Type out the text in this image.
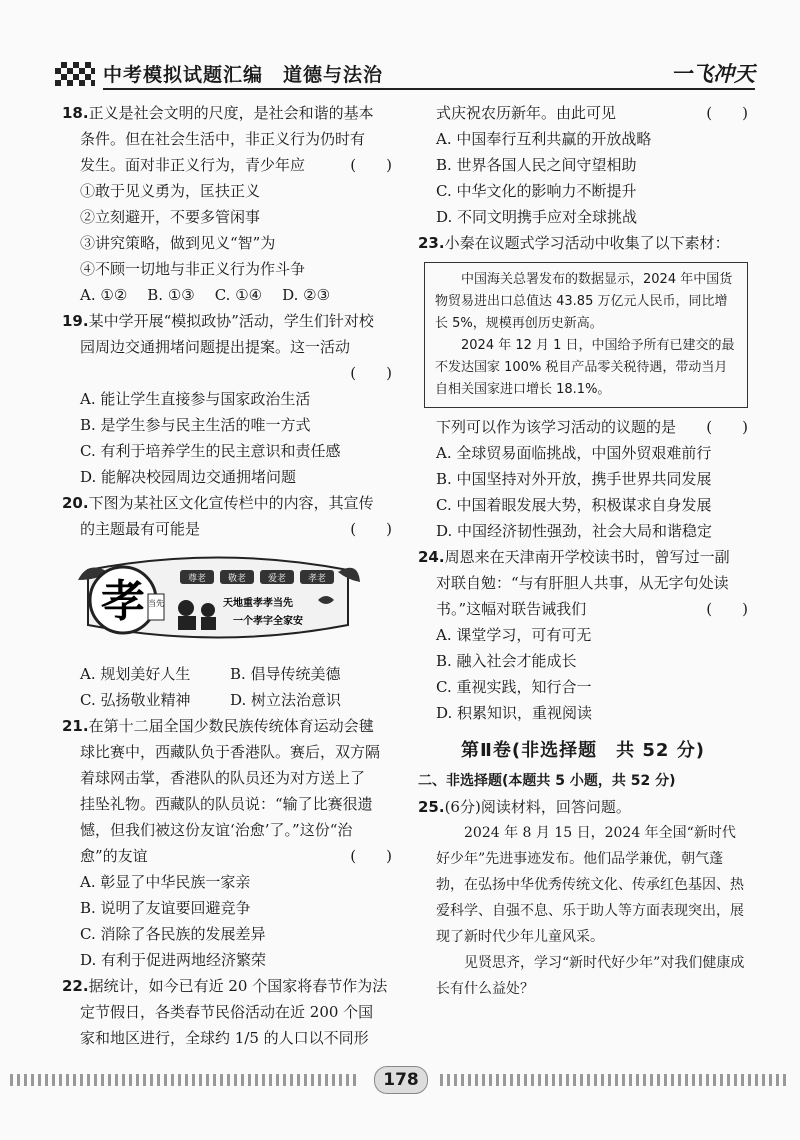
中考模拟试题汇编　道德与法治	一飞冲天
18.正义是社会文明的尺度，是社会和谐的基本
条件。但在社会生活中，非正义行为仍时有
发生。面对非正义行为，青少年应	(　　)
①敢于见义勇为，匡扶正义
②立刻避开，不要多管闲事
③讲究策略，做到见义“智”为
④不顾一切地与非正义行为作斗争
A. ①② B. ①③ C. ①④ D. ②③
19.某中学开展“模拟政协”活动，学生们针对校
园周边交通拥堵问题提出提案。这一活动
(　　)
A. 能让学生直接参与国家政治生活
B. 是学生参与民主生活的唯一方式
C. 有利于培养学生的民主意识和责任感
D. 能解决校园周边交通拥堵问题
20.下图为某社区文化宣传栏中的内容，其宣传
的主题最有可能是	(　　)
孝 当先
尊老 敬老 爱老 孝老
天地重孝孝当先
一个孝字全家安
A. 规划美好人生	B. 倡导传统美德
C. 弘扬敬业精神	D. 树立法治意识
21.在第十二届全国少数民族传统体育运动会毽
球比赛中，西藏队负于香港队。赛后，双方隔
着球网击掌，香港队的队员还为对方送上了
挂坠礼物。西藏队的队员说：“输了比赛很遗
憾，但我们被这份友谊‘治愈’了。”这份“治
愈”的友谊	(　　)
A. 彰显了中华民族一家亲
B. 说明了友谊要回避竞争
C. 消除了各民族的发展差异
D. 有利于促进两地经济繁荣
22.据统计，如今已有近 20 个国家将春节作为法
定节假日，各类春节民俗活动在近 200 个国
家和地区进行，全球约 1/5 的人口以不同形
式庆祝农历新年。由此可见	(　　)
A. 中国奉行互利共赢的开放战略
B. 世界各国人民之间守望相助
C. 中华文化的影响力不断提升
D. 不同文明携手应对全球挑战
23.小秦在议题式学习活动中收集了以下素材：

中国海关总署发布的数据显示，2024 年中国货物贸易进出口总值达 43.85 万亿元人民币，同比增长 5%，规模再创历史新高。

2024 年 12 月 1 日，中国给予所有已建交的最不发达国家 100% 税目产品零关税待遇，带动当月自相关国家进口增长 18.1%。

下列可以作为该学习活动的议题的是 (　　)
A. 全球贸易面临挑战，中国外贸艰难前行
B. 中国坚持对外开放，携手世界共同发展
C. 中国着眼发展大势，积极谋求自身发展
D. 中国经济韧性强劲，社会大局和谐稳定
24.周恩来在天津南开学校读书时，曾写过一副
对联自勉：“与有肝胆人共事，从无字句处读
书。”这幅对联告诫我们	(　　)
A. 课堂学习，可有可无
B. 融入社会才能成长
C. 重视实践，知行合一
D. 积累知识，重视阅读
第Ⅱ卷(非选择题　共 52 分)
二、非选择题(本题共 5 小题，共 52 分)
25.(6分)阅读材料，回答问题。

2024 年 8 月 15 日，2024 年全国“新时代好少年”先进事迹发布。他们品学兼优，朝气蓬勃，在弘扬中华优秀传统文化、传承红色基因、热爱科学、自强不息、乐于助人等方面表现突出，展现了新时代少年儿童风采。

见贤思齐，学习“新时代好少年”对我们健康成长有什么益处？

178
